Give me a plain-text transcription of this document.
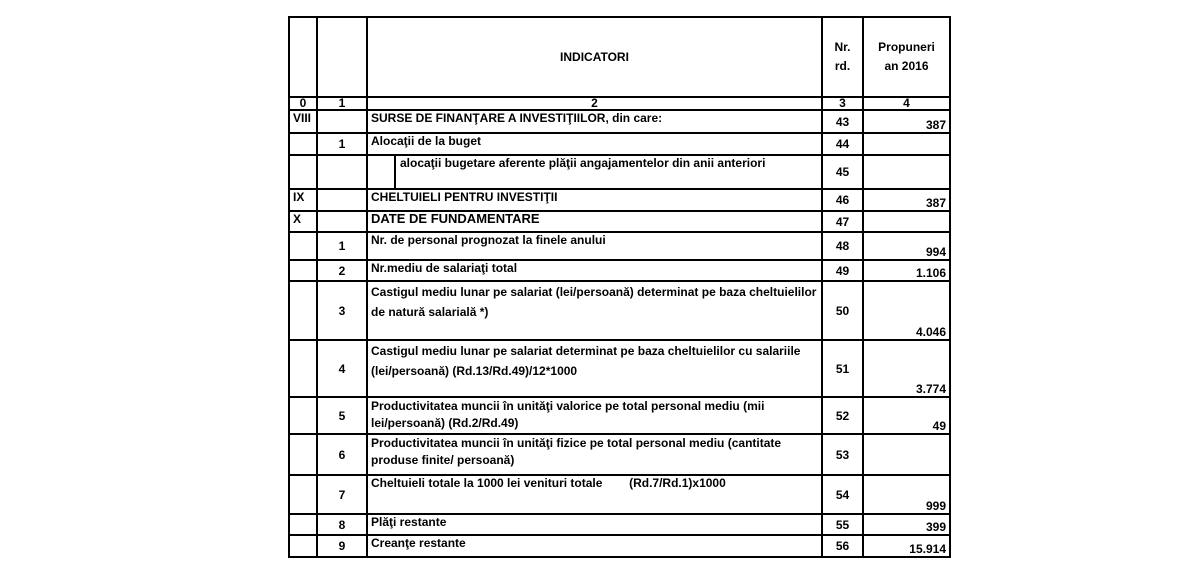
		INDICATORI	Nr. rd.	Propuneri an 2016
0	1	2	3	4
VIII		SURSE DE FINANŢARE A INVESTIŢIILOR, din care:	43	387
	1	Alocaţii de la buget	44	

		alocaţii bugetare aferente plăţii angajamentelor din anii anteriori	45	
IX		CHELTUIELI PENTRU INVESTIŢII	46	387
X		DATE DE FUNDAMENTARE	47	
	1	Nr. de personal prognozat la finele anului	48	994
	2	Nr.mediu de salariaţi total	49	1.106
	3	Castigul mediu lunar pe salariat (lei/persoană) determinat pe baza cheltuielilor de natură salarială *)	50	4.046
	4	Castigul mediu lunar pe salariat determinat pe baza cheltuielilor cu salariile (lei/persoană) (Rd.13/Rd.49)/12*1000	51	3.774
	5	Productivitatea muncii în unităţi valorice pe total personal mediu (mii lei/persoană) (Rd.2/Rd.49)	52	49
	6	Productivitatea muncii în unităţi fizice pe total personal mediu (cantitate produse finite/ persoană)	53	
	7	Cheltuieli totale la 1000 lei venituri totale        (Rd.7/Rd.1)x1000	54	999
	8	Plăţi restante	55	399
	9	Creanţe restante	56	15.914
